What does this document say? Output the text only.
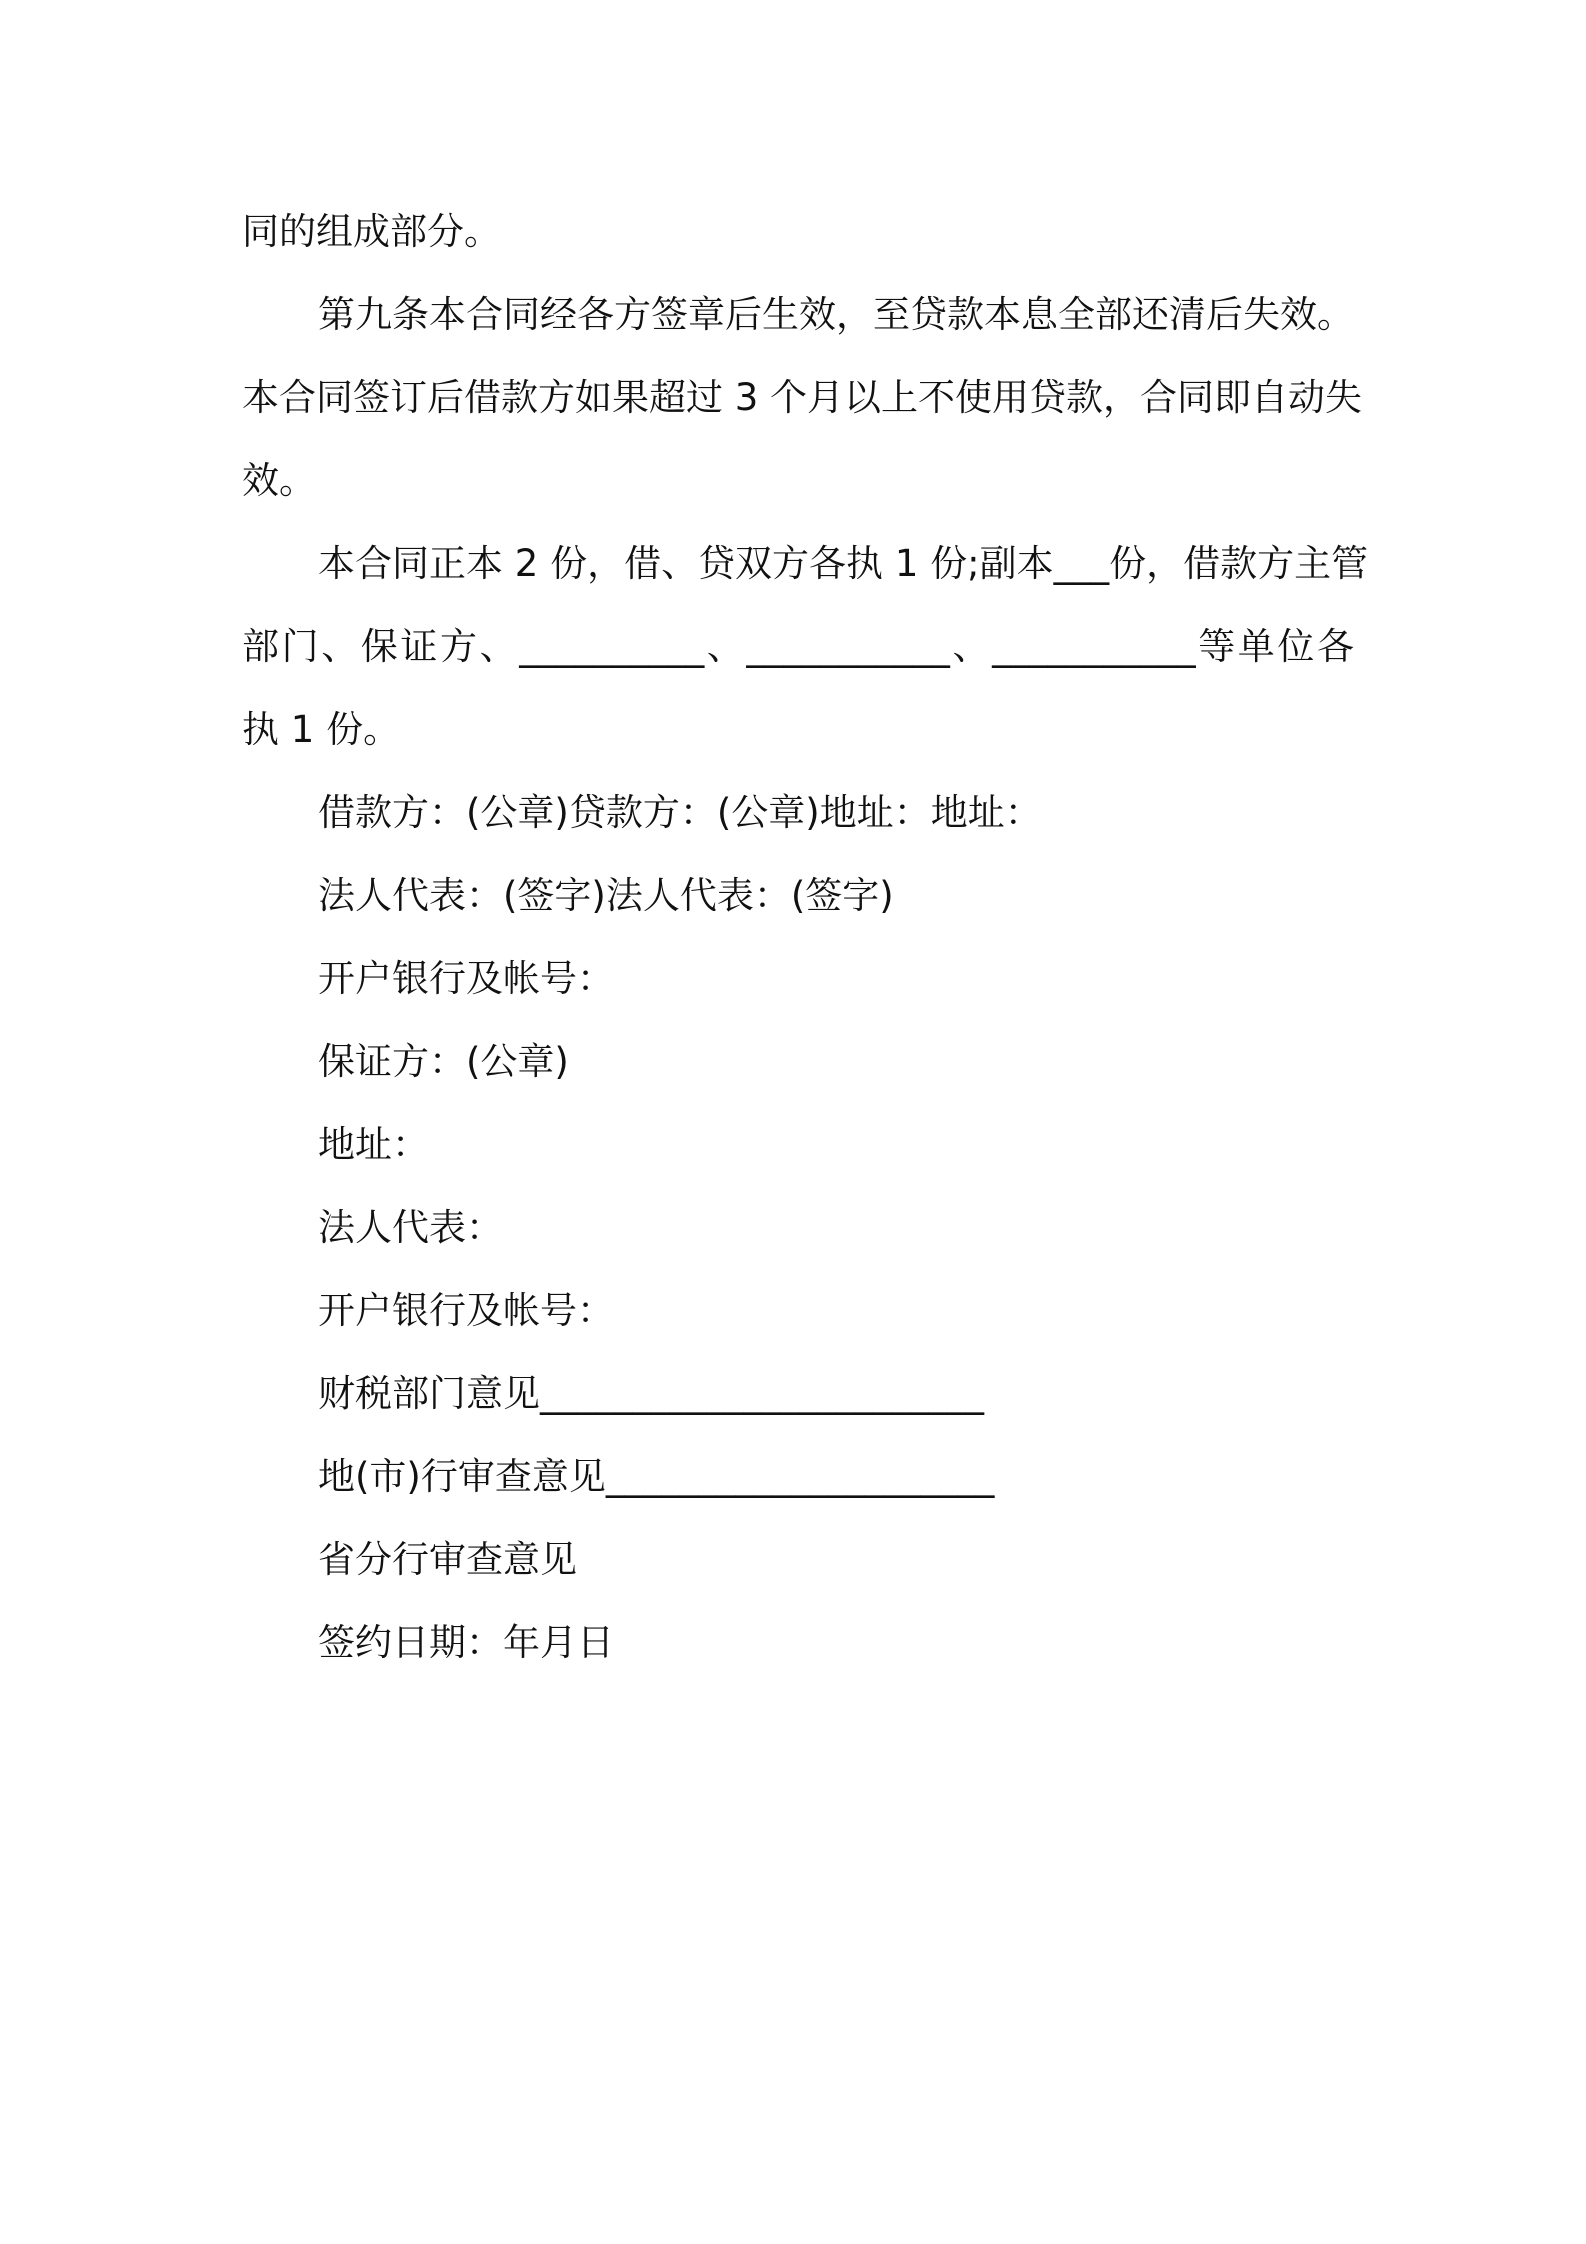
同的组成部分。
第九条本合同经各方签章后生效，至贷款本息全部还清后失效。
本合同签订后借款方如果超过 3 个月以上不使用贷款，合同即自动失
效。
本合同正本 2 份，借、贷双方各执 1 份;副本___份，借款方主管
部门、保证方、__________、___________、___________等单位各
执 1 份。
借款方：(公章)贷款方：(公章)地址：地址：
法人代表：(签字)法人代表：(签字)
开户银行及帐号：
保证方：(公章)
地址：
法人代表：
开户银行及帐号：
财税部门意见________________________
地(市)行审查意见_____________________
省分行审查意见
签约日期：年月日
